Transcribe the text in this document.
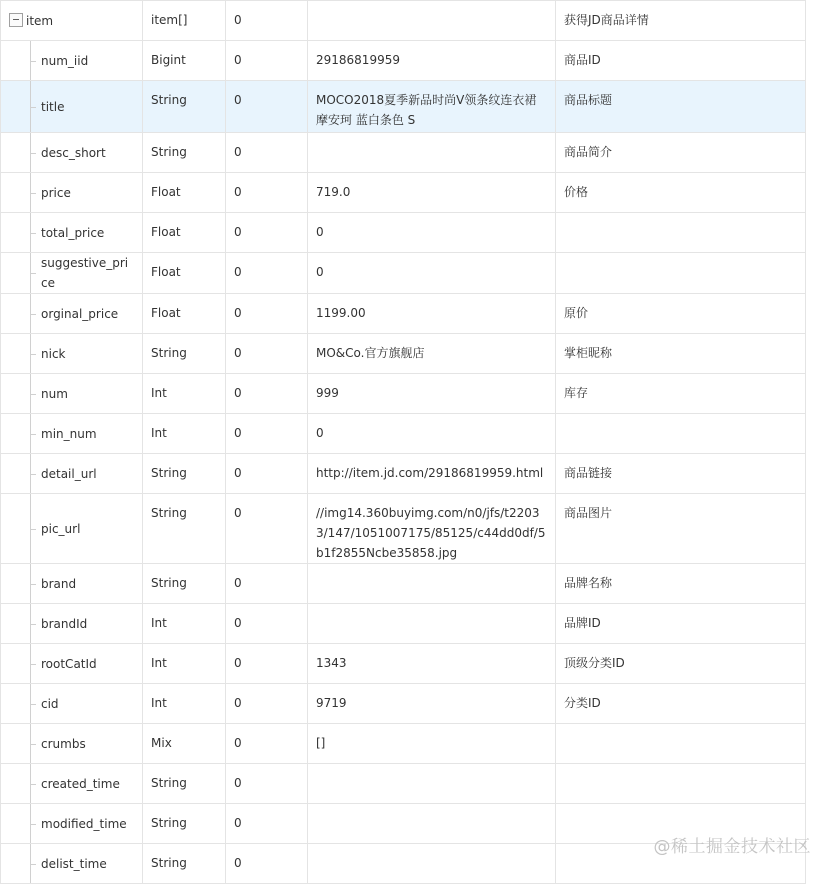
item	item[]	0		获得JD商品详情

num_iid	Bigint	0	29186819959	商品ID

title	String	0	MOCO2018夏季新品时尚V领条纹连衣裙摩安珂 蓝白条色 S	商品标题

desc_short	String	0		商品简介

price	Float	0	719.0	价格

total_price	Float	0	0	

suggestive_price	Float	0	0	

orginal_price	Float	0	1199.00	原价

nick	String	0	MO&Co.官方旗舰店	掌柜昵称

num	Int	0	999	库存

min_num	Int	0	0	

detail_url	String	0	http://item.jd.com/29186819959.html	商品链接

pic_url	String	0	//img14.360buyimg.com/n0/jfs/t22033/147/1051007175/85125/c44dd0df/5b1f2855Ncbe35858.jpg	商品图片

brand	String	0		品牌名称

brandId	Int	0		品牌ID

rootCatId	Int	0	1343	顶级分类ID

cid	Int	0	9719	分类ID

crumbs	Mix	0	[]	

created_time	String	0		

modified_time	String	0		

delist_time	String	0		
@稀土掘金技术社区
